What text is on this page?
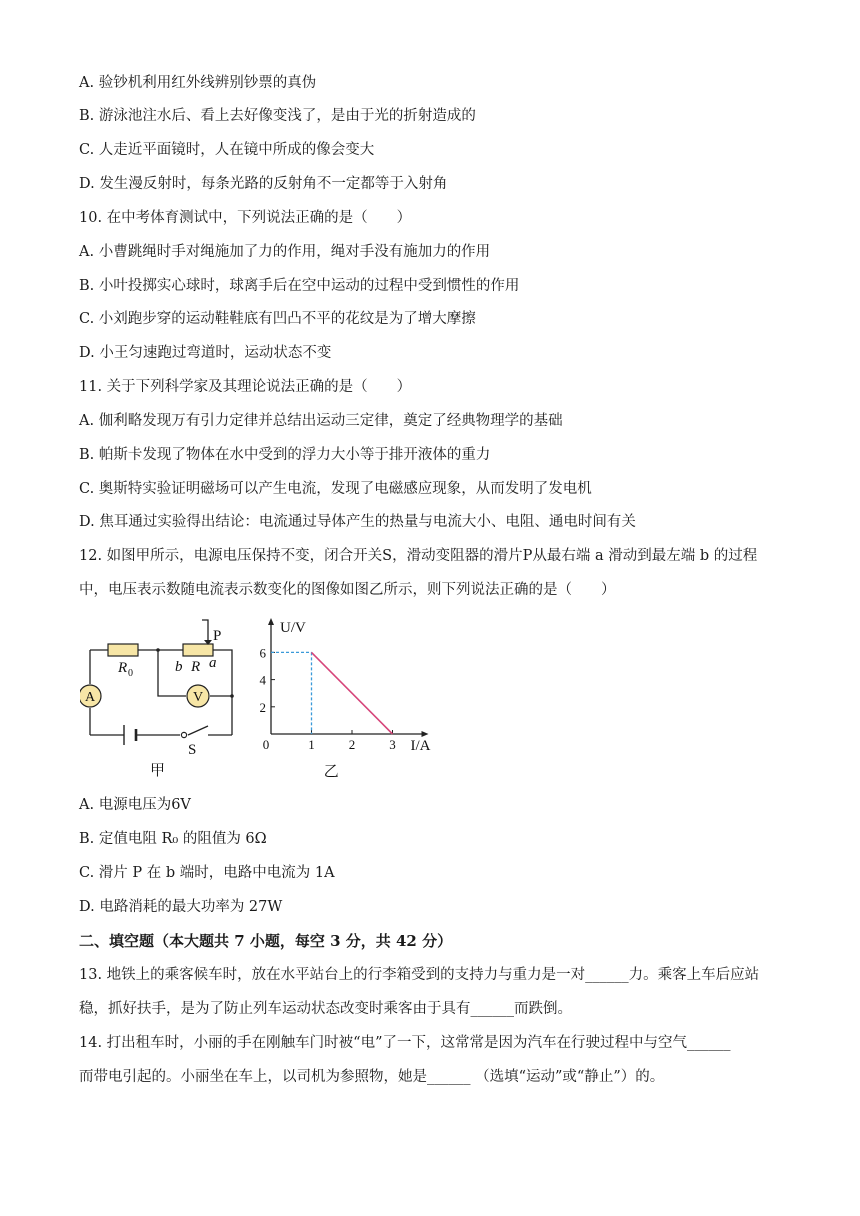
A. 验钞机利用红外线辨别钞票的真伪
B. 游泳池注水后、看上去好像变浅了，是由于光的折射造成的
C. 人走近平面镜时，人在镜中所成的像会变大
D. 发生漫反射时，每条光路的反射角不一定都等于入射角
10. 在中考体育测试中，下列说法正确的是（　　）
A. 小曹跳绳时手对绳施加了力的作用，绳对手没有施加力的作用
B. 小叶投掷实心球时，球离手后在空中运动的过程中受到惯性的作用
C. 小刘跑步穿的运动鞋鞋底有凹凸不平的花纹是为了增大摩擦
D. 小王匀速跑过弯道时，运动状态不变
11. 关于下列科学家及其理论说法正确的是（　　）
A. 伽利略发现万有引力定律并总结出运动三定律，奠定了经典物理学的基础
B. 帕斯卡发现了物体在水中受到的浮力大小等于排开液体的重力
C. 奥斯特实验证明磁场可以产生电流，发现了电磁感应现象，从而发明了发电机
D. 焦耳通过实验得出结论：电流通过导体产生的热量与电流大小、电阻、通电时间有关
12. 如图甲所示，电源电压保持不变，闭合开关S，滑动变阻器的滑片P从最右端 a 滑动到最左端 b 的过程
中，电压表示数随电流表示数变化的图像如图乙所示，则下列说法正确的是（　　）
A	V
R 0	b R a
P
S
甲
1	2	3
2
4
6
0
U/V
I/A
乙
A. 电源电压为6V
B. 定值电阻 R₀ 的阻值为 6Ω
C. 滑片 P 在 b 端时，电路中电流为 1A
D. 电路消耗的最大功率为 27W
二、填空题（本大题共 7 小题，每空 3 分，共 42 分）
13. 地铁上的乘客候车时，放在水平站台上的行李箱受到的支持力与重力是一对______力。乘客上车后应站
稳，抓好扶手，是为了防止列车运动状态改变时乘客由于具有______而跌倒。
14. 打出租车时，小丽的手在刚触车门时被“电”了一下，这常常是因为汽车在行驶过程中与空气______
而带电引起的。小丽坐在车上，以司机为参照物，她是______ （选填“运动”或“静止”）的。
